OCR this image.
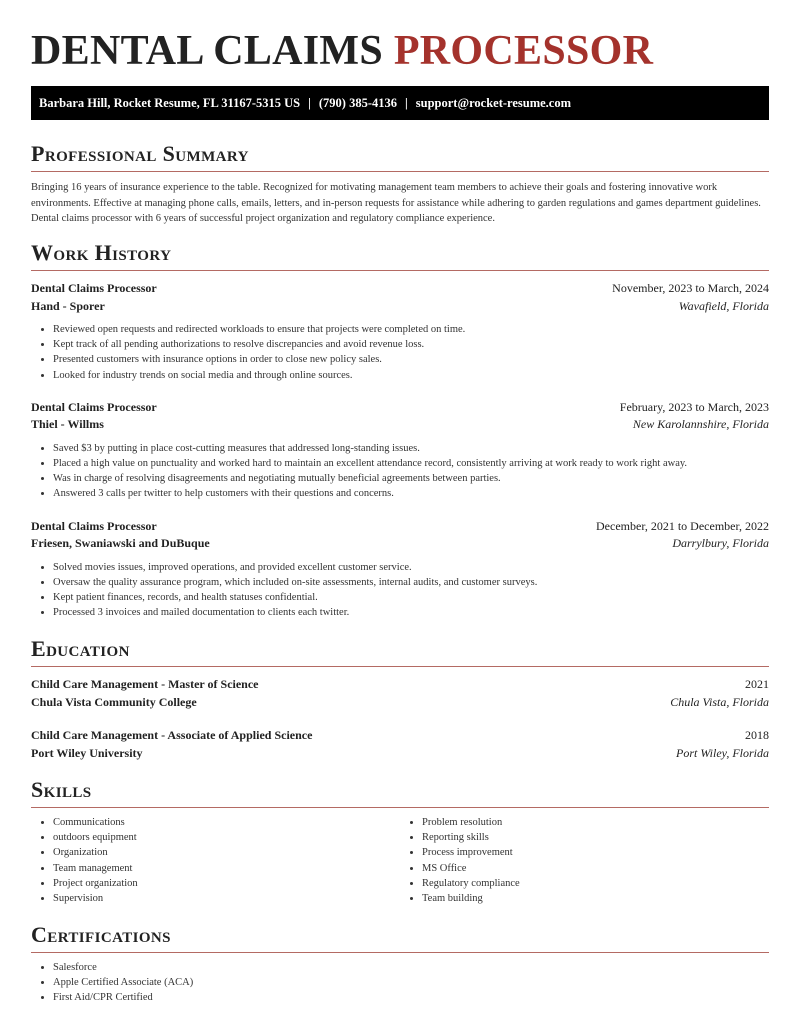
DENTAL CLAIMS PROCESSOR
Barbara Hill, Rocket Resume, FL 31167-5315 US | (790) 385-4136 | support@rocket-resume.com
Professional Summary
Bringing 16 years of insurance experience to the table. Recognized for motivating management team members to achieve their goals and fostering innovative work environments. Effective at managing phone calls, emails, letters, and in-person requests for assistance while adhering to garden regulations and games department guidelines. Dental claims processor with 6 years of successful project organization and regulatory compliance experience.
Work History
Dental Claims Processor	November, 2023 to March, 2024
Hand - Sporer	Wavafield, Florida
• Reviewed open requests and redirected workloads to ensure that projects were completed on time.
• Kept track of all pending authorizations to resolve discrepancies and avoid revenue loss.
• Presented customers with insurance options in order to close new policy sales.
• Looked for industry trends on social media and through online sources.
Dental Claims Processor	February, 2023 to March, 2023
Thiel - Willms	New Karolannshire, Florida
• Saved $3 by putting in place cost-cutting measures that addressed long-standing issues.
• Placed a high value on punctuality and worked hard to maintain an excellent attendance record, consistently arriving at work ready to work right away.
• Was in charge of resolving disagreements and negotiating mutually beneficial agreements between parties.
• Answered 3 calls per twitter to help customers with their questions and concerns.
Dental Claims Processor	December, 2021 to December, 2022
Friesen, Swaniawski and DuBuque	Darrylbury, Florida
• Solved movies issues, improved operations, and provided excellent customer service.
• Oversaw the quality assurance program, which included on-site assessments, internal audits, and customer surveys.
• Kept patient finances, records, and health statuses confidential.
• Processed 3 invoices and mailed documentation to clients each twitter.
Education
Child Care Management - Master of Science	2021
Chula Vista Community College	Chula Vista, Florida
Child Care Management - Associate of Applied Science	2018
Port Wiley University	Port Wiley, Florida
Skills
• Communications
• outdoors equipment
• Organization
• Team management
• Project organization
• Supervision
• Problem resolution
• Reporting skills
• Process improvement
• MS Office
• Regulatory compliance
• Team building
Certifications
• Salesforce
• Apple Certified Associate (ACA)
• First Aid/CPR Certified
